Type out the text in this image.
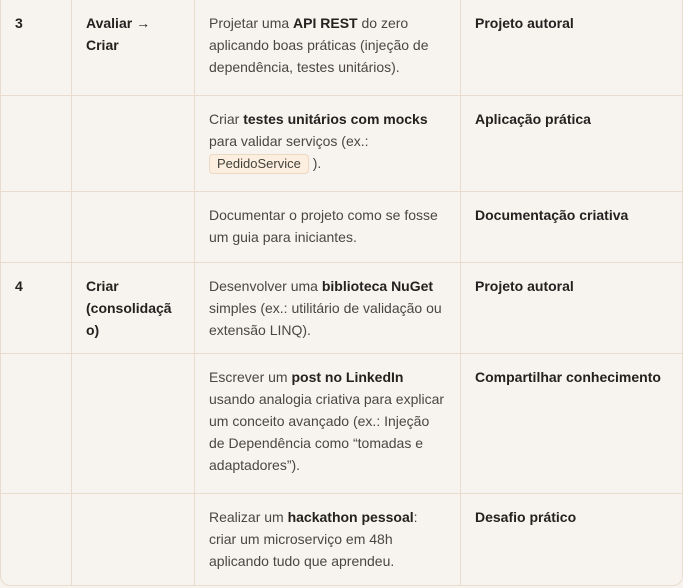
3	Avaliar → Criar

Projetar uma API REST do zero aplicando boas práticas (injeção de dependência, testes unitários).

Projeto autoral

Criar testes unitários com mocks para validar serviços (ex.: PedidoService ).

Aplicação prática

Documentar o projeto como se fosse um guia para iniciantes.

Documentação criativa
4	Criar (consolidação)

Desenvolver uma biblioteca NuGet simples (ex.: utilitário de validação ou extensão LINQ).

Projeto autoral

Escrever um post no LinkedIn usando analogia criativa para explicar um conceito avançado (ex.: Injeção de Dependência como “tomadas e adaptadores”).

Compartilhar conhecimento

Realizar um hackathon pessoal: criar um microserviço em 48h aplicando tudo que aprendeu.

Desafio prático
